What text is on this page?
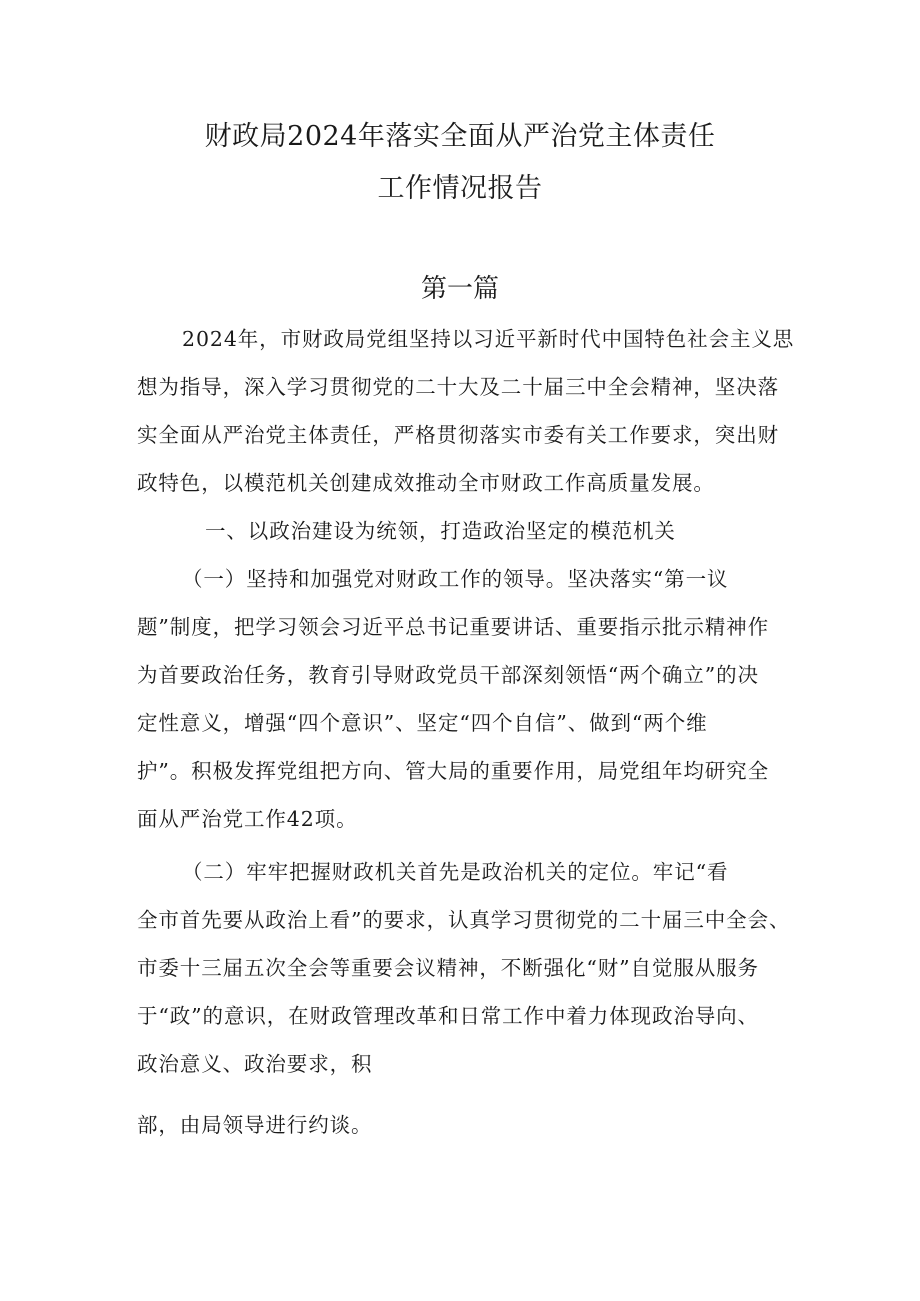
财政局2024年落实全面从严治党主体责任
工作情况报告
第一篇
2024年，市财政局党组坚持以习近平新时代中国特色社会主义思
想为指导，深入学习贯彻党的二十大及二十届三中全会精神，坚决落
实全面从严治党主体责任，严格贯彻落实市委有关工作要求，突出财
政特色，以模范机关创建成效推动全市财政工作高质量发展。
一、以政治建设为统领，打造政治坚定的模范机关
（一）坚持和加强党对财政工作的领导。坚决落实“第一议
题”制度，把学习领会习近平总书记重要讲话、重要指示批示精神作
为首要政治任务，教育引导财政党员干部深刻领悟“两个确立”的决
定性意义，增强“四个意识”、坚定“四个自信”、做到“两个维
护”。积极发挥党组把方向、管大局的重要作用，局党组年均研究全
面从严治党工作42项。
（二）牢牢把握财政机关首先是政治机关的定位。牢记“看
全市首先要从政治上看”的要求，认真学习贯彻党的二十届三中全会、
市委十三届五次全会等重要会议精神，不断强化“财”自觉服从服务
于“政”的意识，在财政管理改革和日常工作中着力体现政治导向、
政治意义、政治要求，积
部，由局领导进行约谈。
